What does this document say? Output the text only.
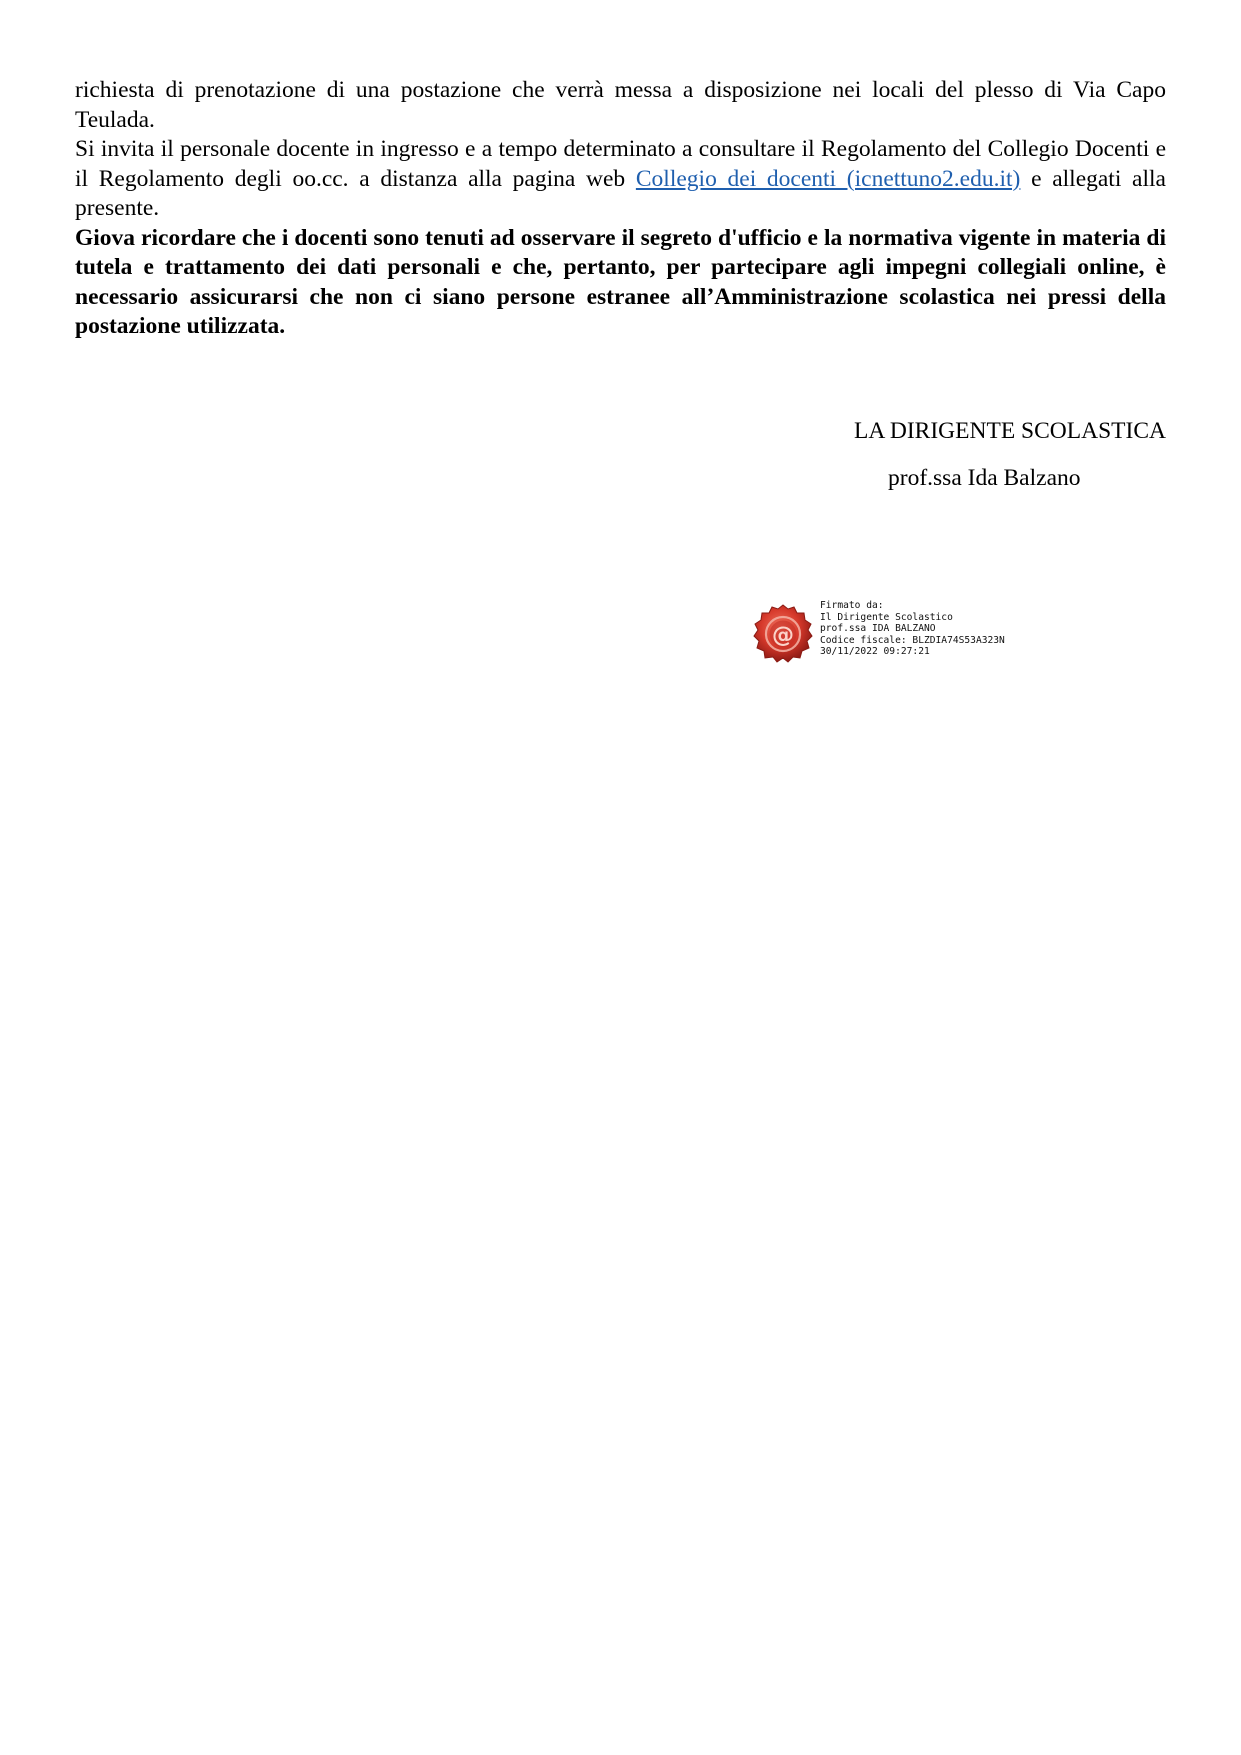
richiesta di prenotazione di una postazione che verrà messa a disposizione nei locali del plesso di Via Capo Teulada.

Si invita il personale docente in ingresso e a tempo determinato a consultare il Regolamento del Collegio Docenti e il Regolamento degli oo.cc. a distanza alla pagina web Collegio dei docenti (icnettuno2.edu.it) e allegati alla presente.

Giova ricordare che i docenti sono tenuti ad osservare il segreto d'ufficio e la normativa vigente in materia di tutela e trattamento dei dati personali e che, pertanto, per partecipare agli impegni collegiali online, è necessario assicurarsi che non ci siano persone estranee all’Amministrazione scolastica nei pressi della postazione utilizzata.

LA DIRIGENTE SCOLASTICA
prof.ssa Ida Balzano
@
Firmato da:
Il Dirigente Scolastico
prof.ssa IDA BALZANO
Codice fiscale: BLZDIA74S53A323N
30/11/2022 09:27:21
